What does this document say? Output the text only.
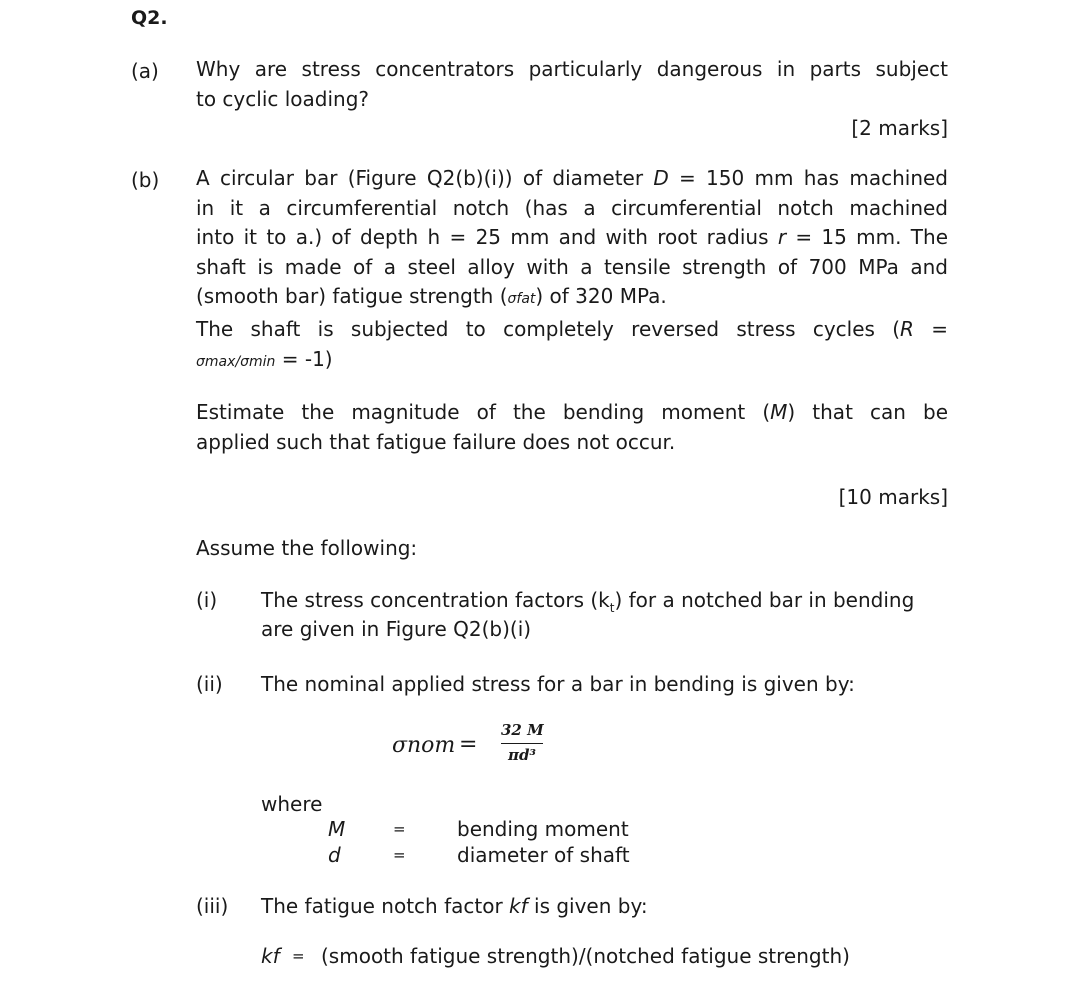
Q2.
(a) Why are stress concentrators particularly dangerous in parts subject
to cyclic loading?
[2 marks]
(b) A circular bar (Figure Q2(b)(i)) of diameter D = 150 mm has machined
in it a circumferential notch (has a circumferential notch machined
into it to a.) of depth h = 25 mm and with root radius r = 15 mm. The
shaft is made of a steel alloy with a tensile strength of 700 MPa and
(smooth bar) fatigue strength (σfat) of 320 MPa.
The shaft is subjected to completely reversed stress cycles (R =
σmax/σmin = -1)
Estimate the magnitude of the bending moment (M) that can be
applied such that fatigue failure does not occur.
[10 marks]
Assume the following:
(i) The stress concentration factors $(k_t)$ for a notched bar in bending
are given in Figure Q2(b)(i)
(ii) The nominal applied stress for a bar in bending is given by:
σnom =
32 M
πd³
where
M	=	bending moment
d	=	diameter of shaft
(iii) The fatigue notch factor kf is given by:
kf = (smooth fatigue strength)/(notched fatigue strength)
